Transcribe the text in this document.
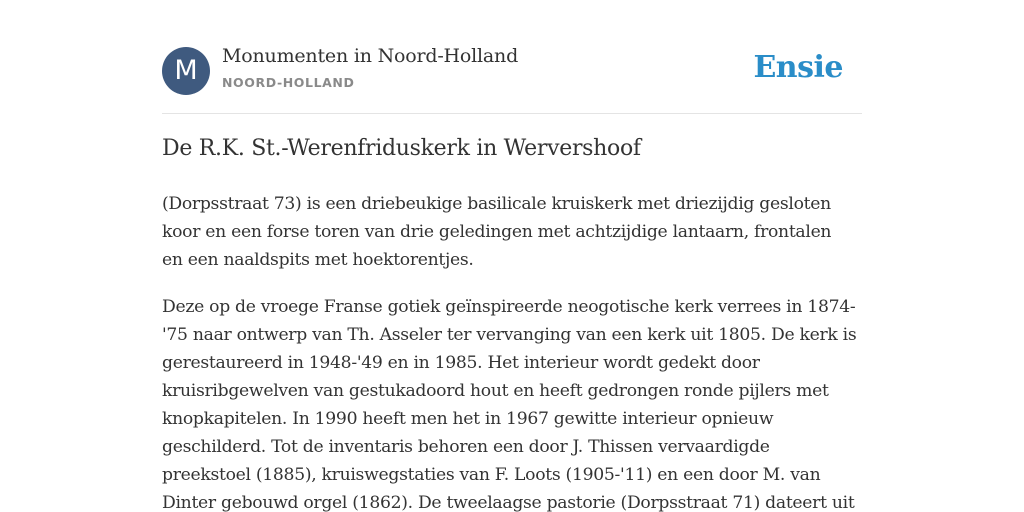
M	Monumenten in Noord-Holland
NOORD-HOLLAND	Ensie
De R.K. St.-Werenfriduskerk in Wervershoof

(Dorpsstraat 73) is een driebeukige basilicale kruiskerk met driezijdig gesloten
koor en een forse toren van drie geledingen met achtzijdige lantaarn, frontalen
en een naaldspits met hoektorentjes.

Deze op de vroege Franse gotiek geïnspireerde neogotische kerk verrees in 1874-
'75 naar ontwerp van Th. Asseler ter vervanging van een kerk uit 1805. De kerk is
gerestaureerd in 1948-'49 en in 1985. Het interieur wordt gedekt door
kruisribgewelven van gestukadoord hout en heeft gedrongen ronde pijlers met
knopkapitelen. In 1990 heeft men het in 1967 gewitte interieur opnieuw
geschilderd. Tot de inventaris behoren een door J. Thissen vervaardigde
preekstoel (1885), kruiswegstaties van F. Loots (1905-'11) en een door M. van
Dinter gebouwd orgel (1862). De tweelaagse pastorie (Dorpsstraat 71) dateert uit
